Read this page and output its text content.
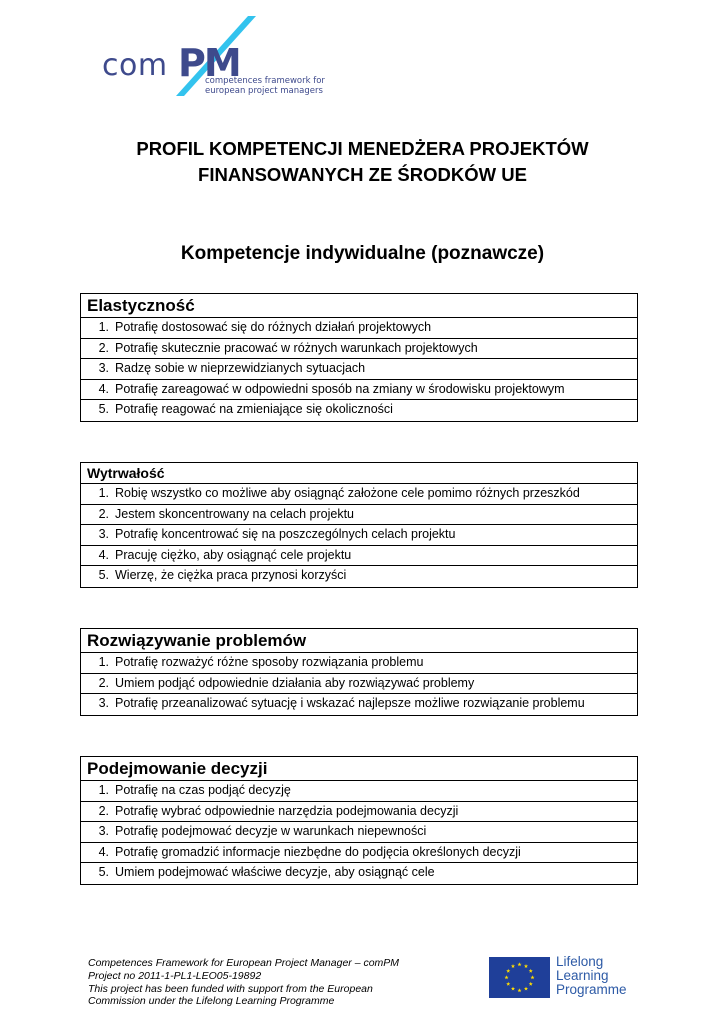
com PM
competences framework for
european project managers
PROFIL KOMPETENCJI MENEDŻERA PROJEKTÓW
FINANSOWANYCH ZE ŚRODKÓW UE
Kompetencje indywidualne (poznawcze)
Elastyczność
1. Potrafię dostosować się do różnych działań projektowych
2. Potrafię skutecznie pracować w różnych warunkach projektowych
3. Radzę sobie w nieprzewidzianych sytuacjach
4. Potrafię zareagować w odpowiedni sposób na zmiany w środowisku projektowym
5. Potrafię reagować na zmieniające się okoliczności
Wytrwałość
1. Robię wszystko co możliwe aby osiągnąć założone cele pomimo różnych przeszkód
2. Jestem skoncentrowany na celach projektu
3. Potrafię koncentrować się na poszczególnych celach projektu
4. Pracuję ciężko, aby osiągnąć cele projektu
5. Wierzę, że ciężka praca przynosi korzyści
Rozwiązywanie problemów
1. Potrafię rozważyć różne sposoby rozwiązania problemu
2. Umiem podjąć odpowiednie działania aby rozwiązywać problemy
3. Potrafię przeanalizować sytuację i wskazać najlepsze możliwe rozwiązanie problemu
Podejmowanie decyzji
1. Potrafię na czas podjąć decyzję
2. Potrafię wybrać odpowiednie narzędzia podejmowania decyzji
3. Potrafię podejmować decyzje w warunkach niepewności
4. Potrafię gromadzić informacje niezbędne do podjęcia określonych decyzji
5. Umiem podejmować właściwe decyzje, aby osiągnąć cele
Competences Framework for European Project Manager – comPM
Project no 2011-1-PL1-LEO05-19892
This project has been funded with support from the European
Commission under the Lifelong Learning Programme
Lifelong
Learning
Programme
